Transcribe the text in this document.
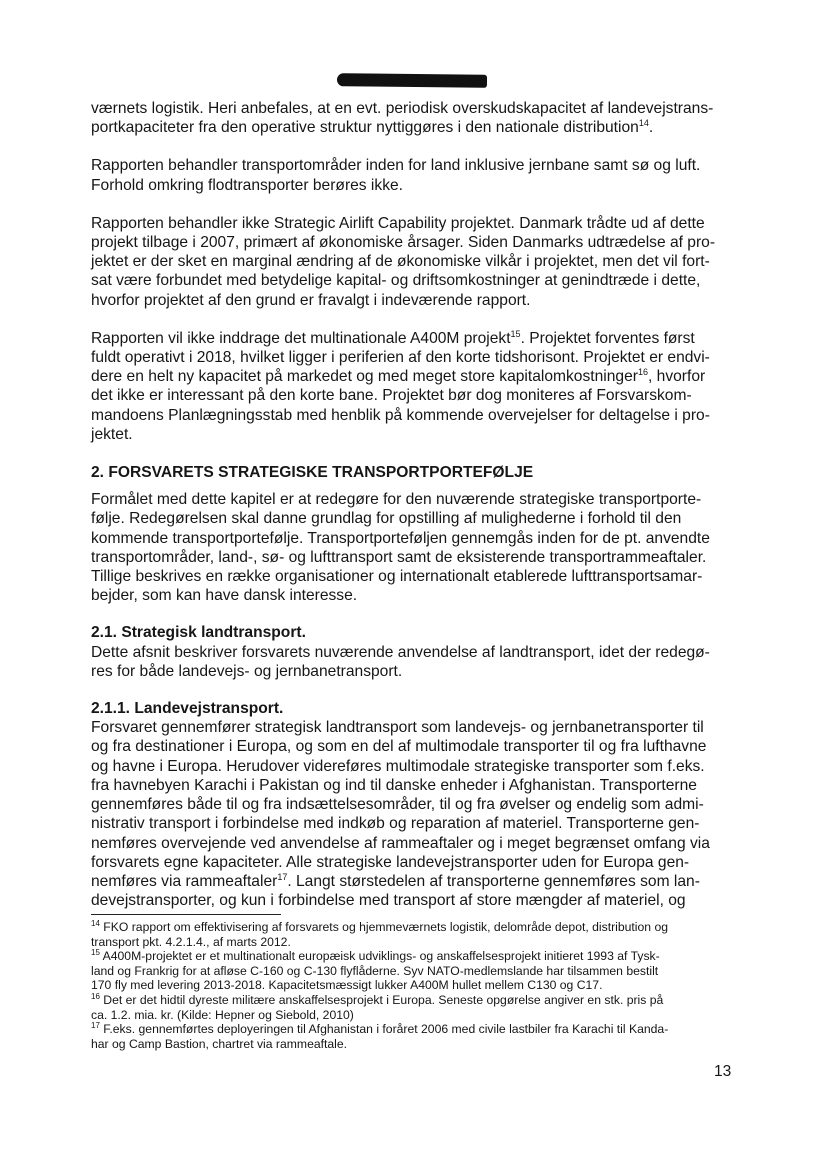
værnets logistik. Heri anbefales, at en evt. periodisk overskudskapacitet af landevejstrans-
portkapaciteter fra den operative struktur nyttiggøres i den nationale distribution$^{14}$.
Rapporten behandler transportområder inden for land inklusive jernbane samt sø og luft.
Forhold omkring flodtransporter berøres ikke.
Rapporten behandler ikke Strategic Airlift Capability projektet. Danmark trådte ud af dette
projekt tilbage i 2007, primært af økonomiske årsager. Siden Danmarks udtrædelse af pro-
jektet er der sket en marginal ændring af de økonomiske vilkår i projektet, men det vil fort-
sat være forbundet med betydelige kapital- og driftsomkostninger at genindtræde i dette,
hvorfor projektet af den grund er fravalgt i indeværende rapport.
Rapporten vil ikke inddrage det multinationale A400M projekt$^{15}$. Projektet forventes først
fuldt operativt i 2018, hvilket ligger i periferien af den korte tidshorisont. Projektet er endvi-
dere en helt ny kapacitet på markedet og med meget store kapitalomkostninger$^{16}$, hvorfor
det ikke er interessant på den korte bane. Projektet bør dog moniteres af Forsvarskom-
mandoens Planlægningsstab med henblik på kommende overvejelser for deltagelse i pro-
jektet.
2. FORSVARETS STRATEGISKE TRANSPORTPORTEFØLJE
Formålet med dette kapitel er at redegøre for den nuværende strategiske transportporte-
følje. Redegørelsen skal danne grundlag for opstilling af mulighederne i forhold til den
kommende transportportefølje. Transportporteføljen gennemgås inden for de pt. anvendte
transportområder, land-, sø- og lufttransport samt de eksisterende transportrammeaftaler.
Tillige beskrives en række organisationer og internationalt etablerede lufttransportsamar-
bejder, som kan have dansk interesse.
2.1. Strategisk landtransport.
Dette afsnit beskriver forsvarets nuværende anvendelse af landtransport, idet der redegø-
res for både landevejs- og jernbanetransport.
2.1.1. Landevejstransport.
Forsvaret gennemfører strategisk landtransport som landevejs- og jernbanetransporter til
og fra destinationer i Europa, og som en del af multimodale transporter til og fra lufthavne
og havne i Europa. Herudover videreføres multimodale strategiske transporter som f.eks.
fra havnebyen Karachi i Pakistan og ind til danske enheder i Afghanistan. Transporterne
gennemføres både til og fra indsættelsesområder, til og fra øvelser og endelig som admi-
nistrativ transport i forbindelse med indkøb og reparation af materiel. Transporterne gen-
nemføres overvejende ved anvendelse af rammeaftaler og i meget begrænset omfang via
forsvarets egne kapaciteter. Alle strategiske landevejstransporter uden for Europa gen-
nemføres via rammeaftaler$^{17}$. Langt størstedelen af transporterne gennemføres som lan-
devejstransporter, og kun i forbindelse med transport af store mængder af materiel, og
$^{14}$ FKO rapport om effektivisering af forsvarets og hjemmeværnets logistik, delområde depot, distribution og
transport pkt. 4.2.1.4., af marts 2012.
$^{15}$ A400M-projektet er et multinationalt europæisk udviklings- og anskaffelsesprojekt initieret 1993 af Tysk-
land og Frankrig for at afløse C-160 og C-130 flyflåderne. Syv NATO-medlemslande har tilsammen bestilt
170 fly med levering 2013-2018. Kapacitetsmæssigt lukker A400M hullet mellem C130 og C17.
$^{16}$ Det er det hidtil dyreste militære anskaffelsesprojekt i Europa. Seneste opgørelse angiver en stk. pris på
ca. 1.2. mia. kr. (Kilde: Hepner og Siebold, 2010)
$^{17}$ F.eks. gennemførtes deployeringen til Afghanistan i foråret 2006 med civile lastbiler fra Karachi til Kanda-
har og Camp Bastion, chartret via rammeaftale.
13
